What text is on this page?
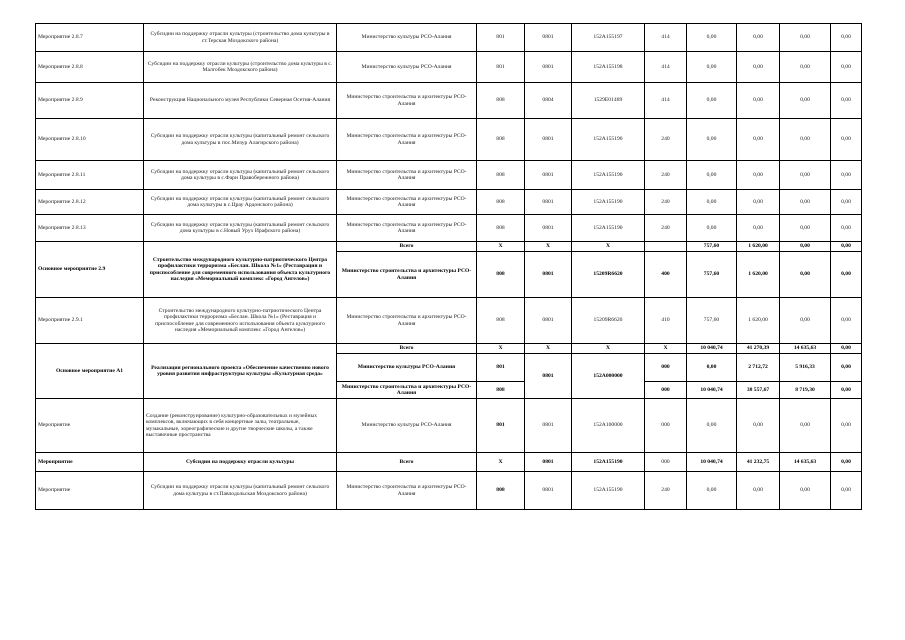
Мероприятие 2.8.7	Субсидии на поддержку отрасли культуры (строительство дома культуры в ст.Терская Моздокского района)	Министерство культуры РСО-Алания	801	0801	152A155197	414	0,00	0,00	0,00	0,00
Мероприятие 2.8.8	Субсидии на поддержку отрасли культуры (строительство дома культуры в с. Малгобек Моздокского района)	Министерство культуры РСО-Алания	801	0801	152A155198	414	0,00	0,00	0,00	0,00
Мероприятие 2.8.9	Реконструкция Национального музея Республики Северная Осетия-Алания	Министерство строительства и архитектуры РСО-Алания	808	0804	1529Е01489	414	0,00	0,00	0,00	0,00
Мероприятие 2.8.10	Субсидии на поддержку отрасли культуры (капитальный ремонт сельского дома культуры в пос.Мизур Алагирского района)	Министерство строительства и архитектуры РСО-Алания	808	0801	152A155190	240	0,00	0,00	0,00	0,00
Мероприятие 2.8.11	Субсидии на поддержку отрасли культуры (капитальный ремонт сельского дома культуры в с.Фарн Правобережного района)	Министерство строительства и архитектуры РСО-Алания	808	0801	152A155190	240	0,00	0,00	0,00	0,00
Мероприятие 2.8.12	Субсидии на поддержку отрасли культуры (капитальный ремонт сельского дома культуры в с.Црау Ардонского района)	Министерство строительства и архитектуры РСО-Алания	808	0801	152A155190	240	0,00	0,00	0,00	0,00
Мероприятие 2.8.13	Субсидии на поддержку отрасли культуры (капитальный ремонт сельского дома культуры в с.Новый Урух Ирафского района)	Министерство строительства и архитектуры РСО-Алания	808	0801	152A155190	240	0,00	0,00	0,00	0,00
Основное мероприятие 2.9	Строительство международного культурно-патриотического Центра профилактики терроризма «Беслан. Школа №1» (Реставрация и приспособление для современного использования объекта культурного наследия «Мемориальный комплекс «Город Ангелов»)	Всего	Х	Х	Х		757,60	1 620,00	0,00	0,00
		Министерство строительства и архитектуры РСО-Алания	808	0801	15209R6620	400	757,60	1 620,00	0,00	0,00
Мероприятие 2.9.1	Строительство международного культурно-патриотического Центра профилактики терроризма «Беслан. Школа №1» (Реставрация и приспособление для современного использования объекта культурного наследия «Мемориальный комплекс «Город Ангелов»)	Министерство строительства и архитектуры РСО-Алания	808	0801	15209R6620	410	757,60	1 620,00	0,00	0,00
Основное мероприятие А1	Реализация регионального проекта «Обеспечение качественно нового уровня развития инфраструктуры культуры «Культурная среда»	Всего	Х	Х	Х	Х	10 040,74	41 270,39	14 635,63	0,00
		Министерство культуры РСО-Алания	801	0801	152A000000	000	0,00	2 712,72	5 916,33	0,00
		Министерство строительства и архитектуры РСО-Алания	808			000	10 040,74	38 557,67	8 719,30	0,00
Мероприятие	Создание (реконструирование) культурно-образовательных и музейных комплексов, включающих в себя концертные залы, театральные, музыкальные, хореографические и другие творческие школы, а также выставочные пространства	Министерство культуры РСО-Алания	801	0801	152A100000	000	0,00	0,00	0,00	0,00
Мероприятие	Субсидии на поддержку отрасли культуры	Всего	Х	0801	152A155190	000	10 040,74	41 232,75	14 635,63	0,00
Мероприятие	Субсидии на поддержку отрасли культуры (капитальный ремонт сельского дома культуры в ст.Павлодольская Моздокского района)	Министерство строительства и архитектуры РСО-Алания	808	0801	152A155190	240	0,00	0,00	0,00	0,00
